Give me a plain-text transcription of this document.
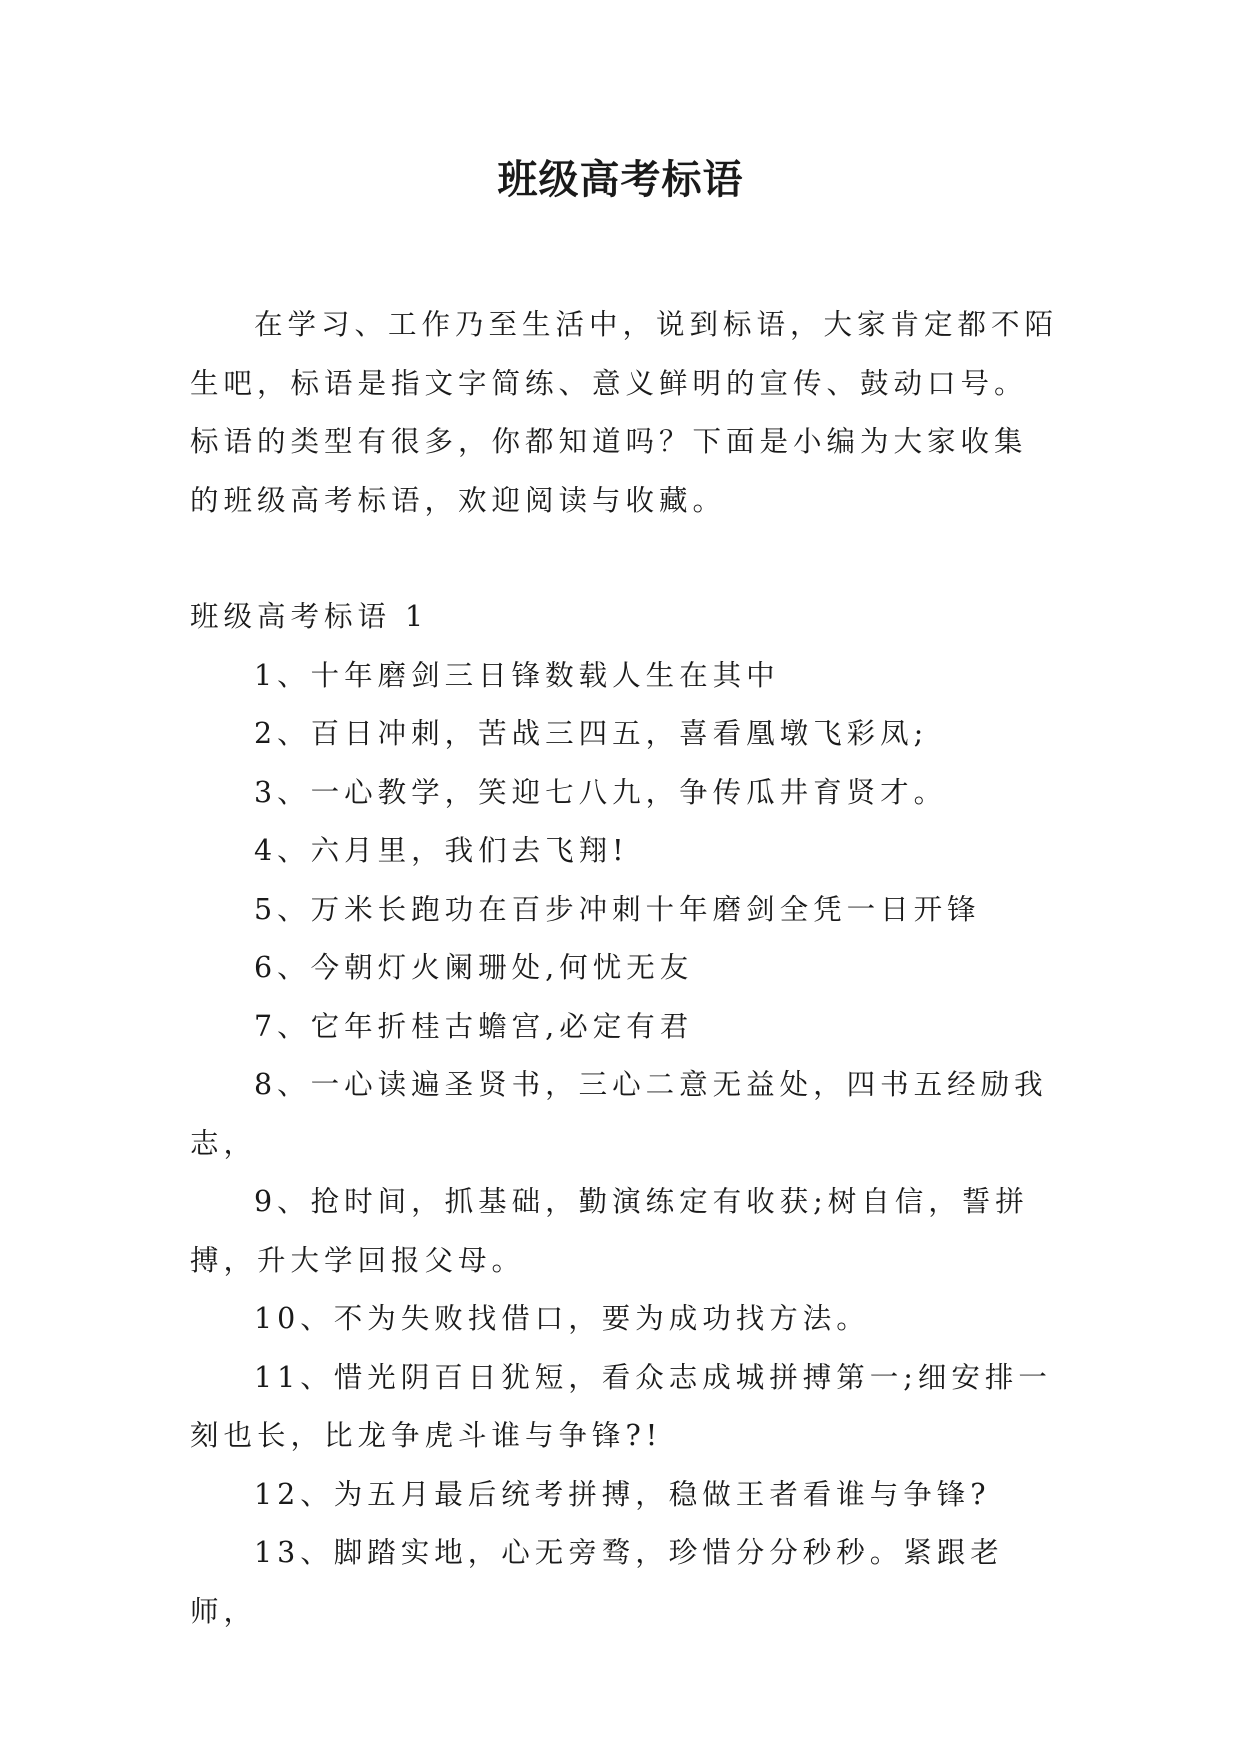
班级高考标语

在学习、工作乃至生活中，说到标语，大家肯定都不陌生吧，标语是指文字简练、意义鲜明的宣传、鼓动口号。标语的类型有很多，你都知道吗？下面是小编为大家收集的班级高考标语，欢迎阅读与收藏。

班级高考标语 1

1、十年磨剑三日锋数载人生在其中

2、百日冲刺，苦战三四五，喜看凰墩飞彩凤;

3、一心教学，笑迎七八九，争传瓜井育贤才。

4、六月里，我们去飞翔!

5、万米长跑功在百步冲刺十年磨剑全凭一日开锋

6、今朝灯火阑珊处,何忧无友

7、它年折桂古蟾宫,必定有君

8、一心读遍圣贤书，三心二意无益处，四书五经励我志，

9、抢时间，抓基础，勤演练定有收获;树自信，誓拼搏，升大学回报父母。

10、不为失败找借口，要为成功找方法。

11、惜光阴百日犹短，看众志成城拼搏第一;细安排一刻也长，比龙争虎斗谁与争锋?!

12、为五月最后统考拼搏，稳做王者看谁与争锋?

13、脚踏实地，心无旁骛，珍惜分分秒秒。紧跟老师，
